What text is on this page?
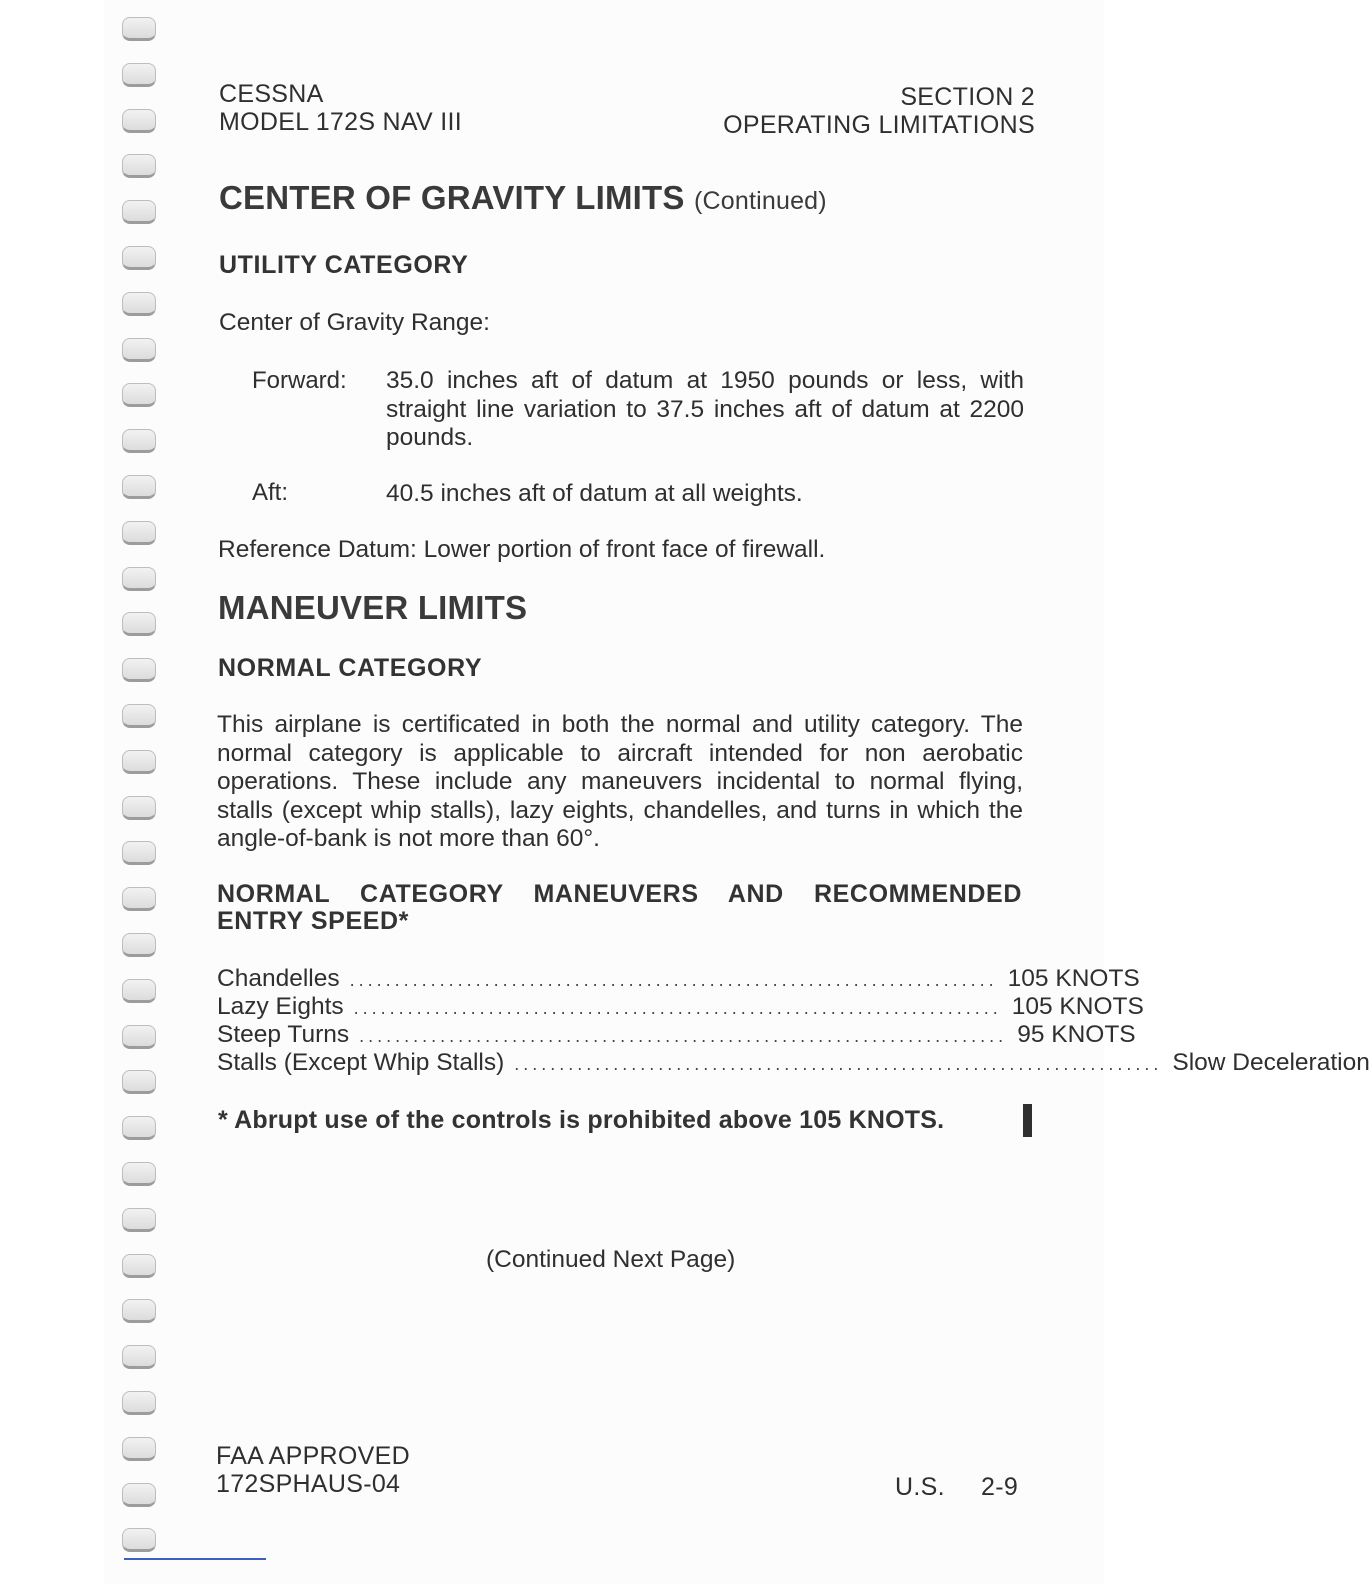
CESSNA
MODEL 172S NAV III
SECTION 2
OPERATING LIMITATIONS
CENTER OF GRAVITY LIMITS (Continued)
UTILITY CATEGORY
Center of Gravity Range:
Forward: 35.0 inches aft of datum at 1950 pounds or less, with straight line variation to 37.5 inches aft of datum at 2200 pounds.
Aft:	40.5 inches aft of datum at all weights.
Reference Datum: Lower portion of front face of firewall.
MANEUVER LIMITS
NORMAL CATEGORY
This airplane is certificated in both the normal and utility category. The normal category is applicable to aircraft intended for non aerobatic operations. These include any maneuvers incidental to normal flying, stalls (except whip stalls), lazy eights, chandelles, and turns in which the angle-of-bank is not more than 60°.
NORMAL CATEGORY MANEUVERS AND RECOMMENDED ENTRY SPEED*
Chandelles ........................................................................ 105 KNOTS
Lazy Eights ........................................................................ 105 KNOTS
Steep Turns ........................................................................ 95 KNOTS
Stalls (Except Whip Stalls) ........................................................................ Slow Deceleration
* Abrupt use of the controls is prohibited above 105 KNOTS.
(Continued Next Page)
FAA APPROVED
172SPHAUS-04	U.S. 2-9
